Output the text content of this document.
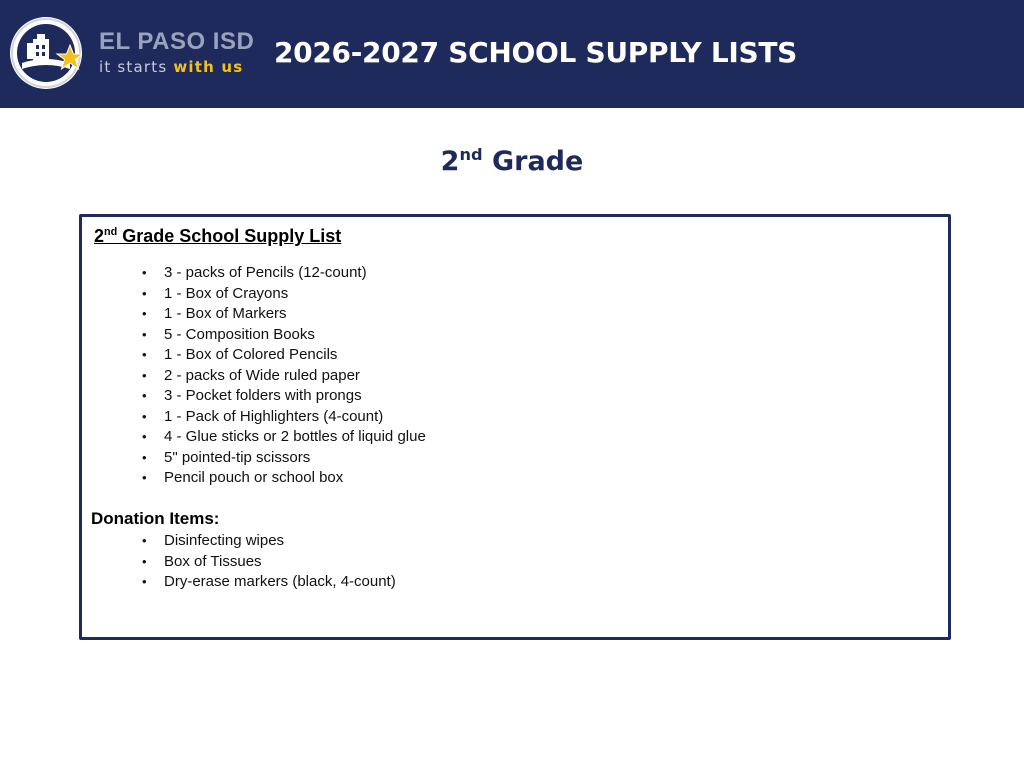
EL PASO ISD
it starts with us	2026-2027 SCHOOL SUPPLY LISTS
2nd Grade
2nd Grade School Supply List
• 3 - packs of Pencils (12-count)
• 1 - Box of Crayons
• 1 - Box of Markers
• 5 - Composition Books
• 1 - Box of Colored Pencils
• 2 - packs of Wide ruled paper
• 3 - Pocket folders with prongs
• 1 - Pack of Highlighters (4-count)
• 4 - Glue sticks or 2 bottles of liquid glue
• 5" pointed-tip scissors
• Pencil pouch or school box
Donation Items:
• Disinfecting wipes
• Box of Tissues
• Dry-erase markers (black, 4-count)
